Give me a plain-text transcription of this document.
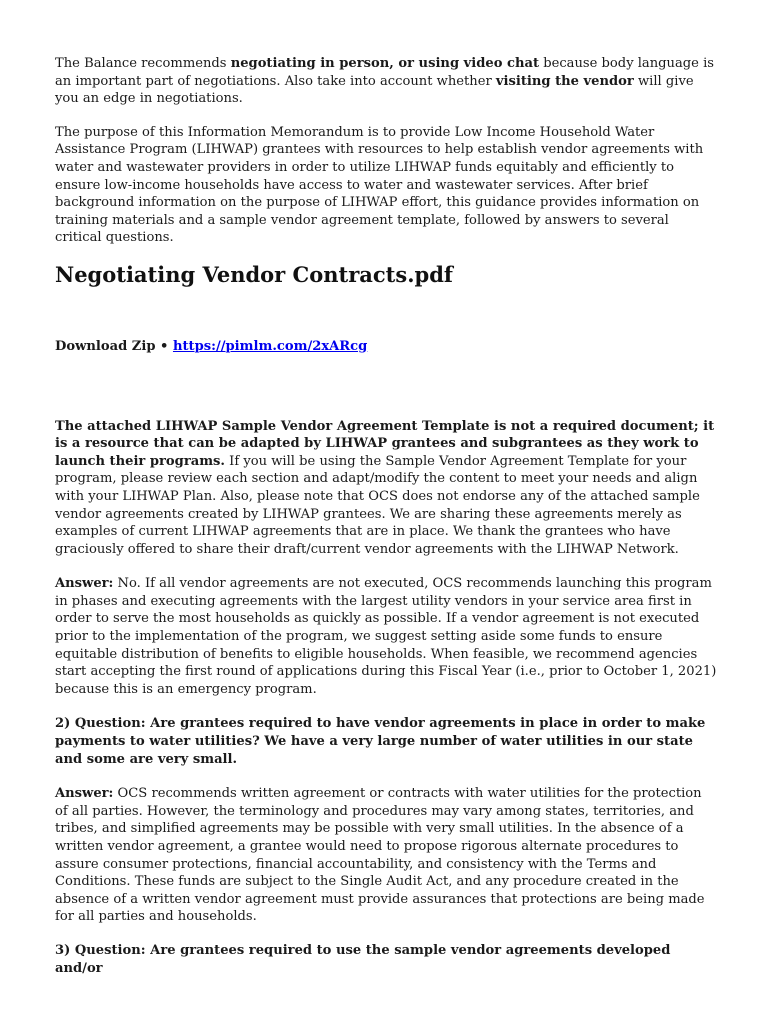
The Balance recommends negotiating in person, or using video chat because body language is an important part of negotiations. Also take into account whether visiting the vendor will give you an edge in negotiations.

The purpose of this Information Memorandum is to provide Low Income Household Water Assistance Program (LIHWAP) grantees with resources to help establish vendor agreements with water and wastewater providers in order to utilize LIHWAP funds equitably and efficiently to ensure low-income households have access to water and wastewater services. After brief background information on the purpose of LIHWAP effort, this guidance provides information on training materials and a sample vendor agreement template, followed by answers to several critical questions.

Negotiating Vendor Contracts.pdf

Download Zip • https://pimlm.com/2xARcg

The attached LIHWAP Sample Vendor Agreement Template is not a required document; it is a resource that can be adapted by LIHWAP grantees and subgrantees as they work to launch their programs. If you will be using the Sample Vendor Agreement Template for your program, please review each section and adapt/modify the content to meet your needs and align with your LIHWAP Plan. Also, please note that OCS does not endorse any of the attached sample vendor agreements created by LIHWAP grantees. We are sharing these agreements merely as examples of current LIHWAP agreements that are in place. We thank the grantees who have graciously offered to share their draft/current vendor agreements with the LIHWAP Network.

Answer: No. If all vendor agreements are not executed, OCS recommends launching this program in phases and executing agreements with the largest utility vendors in your service area first in order to serve the most households as quickly as possible. If a vendor agreement is not executed prior to the implementation of the program, we suggest setting aside some funds to ensure equitable distribution of benefits to eligible households. When feasible, we recommend agencies start accepting the first round of applications during this Fiscal Year (i.e., prior to October 1, 2021) because this is an emergency program.

2) Question: Are grantees required to have vendor agreements in place in order to make payments to water utilities? We have a very large number of water utilities in our state and some are very small.

Answer: OCS recommends written agreement or contracts with water utilities for the protection of all parties. However, the terminology and procedures may vary among states, territories, and tribes, and simplified agreements may be possible with very small utilities. In the absence of a written vendor agreement, a grantee would need to propose rigorous alternate procedures to assure consumer protections, financial accountability, and consistency with the Terms and Conditions. These funds are subject to the Single Audit Act, and any procedure created in the absence of a written vendor agreement must provide assurances that protections are being made for all parties and households.

3) Question: Are grantees required to use the sample vendor agreements developed and/or
